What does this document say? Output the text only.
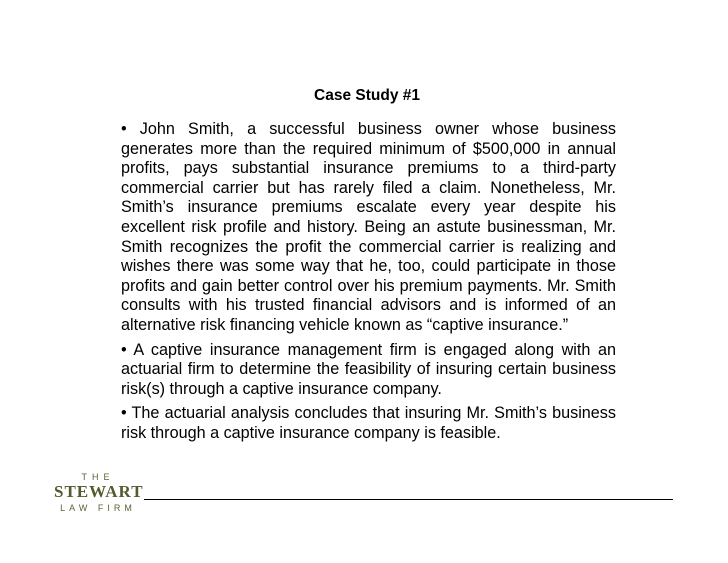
Case Study #1

• John Smith, a successful business owner whose business generates more than the required minimum of $500,000 in annual profits, pays substantial insurance premiums to a third-party commercial carrier but has rarely filed a claim. Nonetheless, Mr. Smith’s insurance premiums escalate every year despite his excellent risk profile and history. Being an astute businessman, Mr. Smith recognizes the profit the commercial carrier is realizing and wishes there was some way that he, too, could participate in those profits and gain better control over his premium payments. Mr. Smith consults with his trusted financial advisors and is informed of an alternative risk financing vehicle known as “captive insurance.”

• A captive insurance management firm is engaged along with an actuarial firm to determine the feasibility of insuring certain business risk(s) through a captive insurance company.

• The actuarial analysis concludes that insuring Mr. Smith’s business risk through a captive insurance company is feasible.

THE
STEWART
LAW FIRM
